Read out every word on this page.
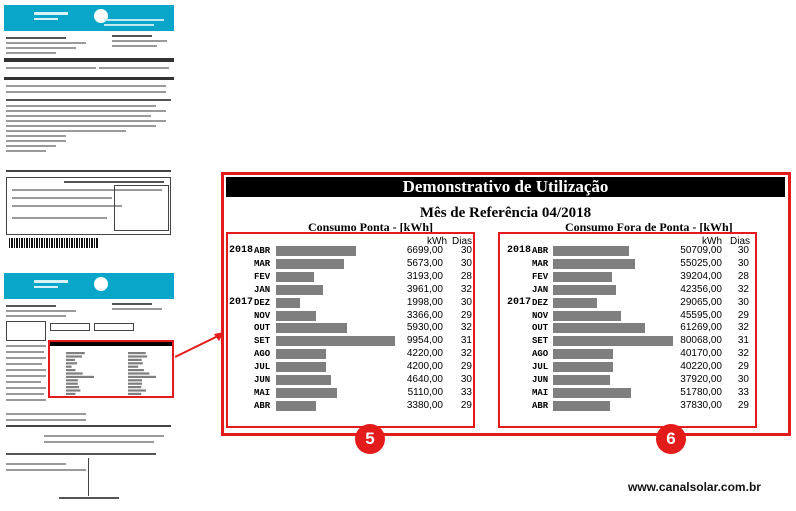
Demonstrativo de Utilização
Mês de Referência 04/2018
Consumo Ponta - [kWh]	Consumo Fora de Ponta - [kWh]
kWh Dias	kWh Dias
2018 ABR	6699,00	30
MAR	5673,00	30
FEV	3193,00	28
JAN	3961,00	32
2017 DEZ	1998,00	30
NOV	3366,00	29
OUT	5930,00	32
SET	9954,00	31
AGO	4220,00	32
JUL	4200,00	29
JUN	4640,00	30
MAI	5110,00	33
ABR	3380,00	29
2018 ABR	50709,00	30
MAR	55025,00	30
FEV	39204,00	28
JAN	42356,00	32
2017 DEZ	29065,00	30
NOV	45595,00	29
OUT	61269,00	32
SET	80068,00	31
AGO	40170,00	32
JUL	40220,00	29
JUN	37920,00	30
MAI	51780,00	33
ABR	37830,00	29
5	6
www.canalsolar.com.br
